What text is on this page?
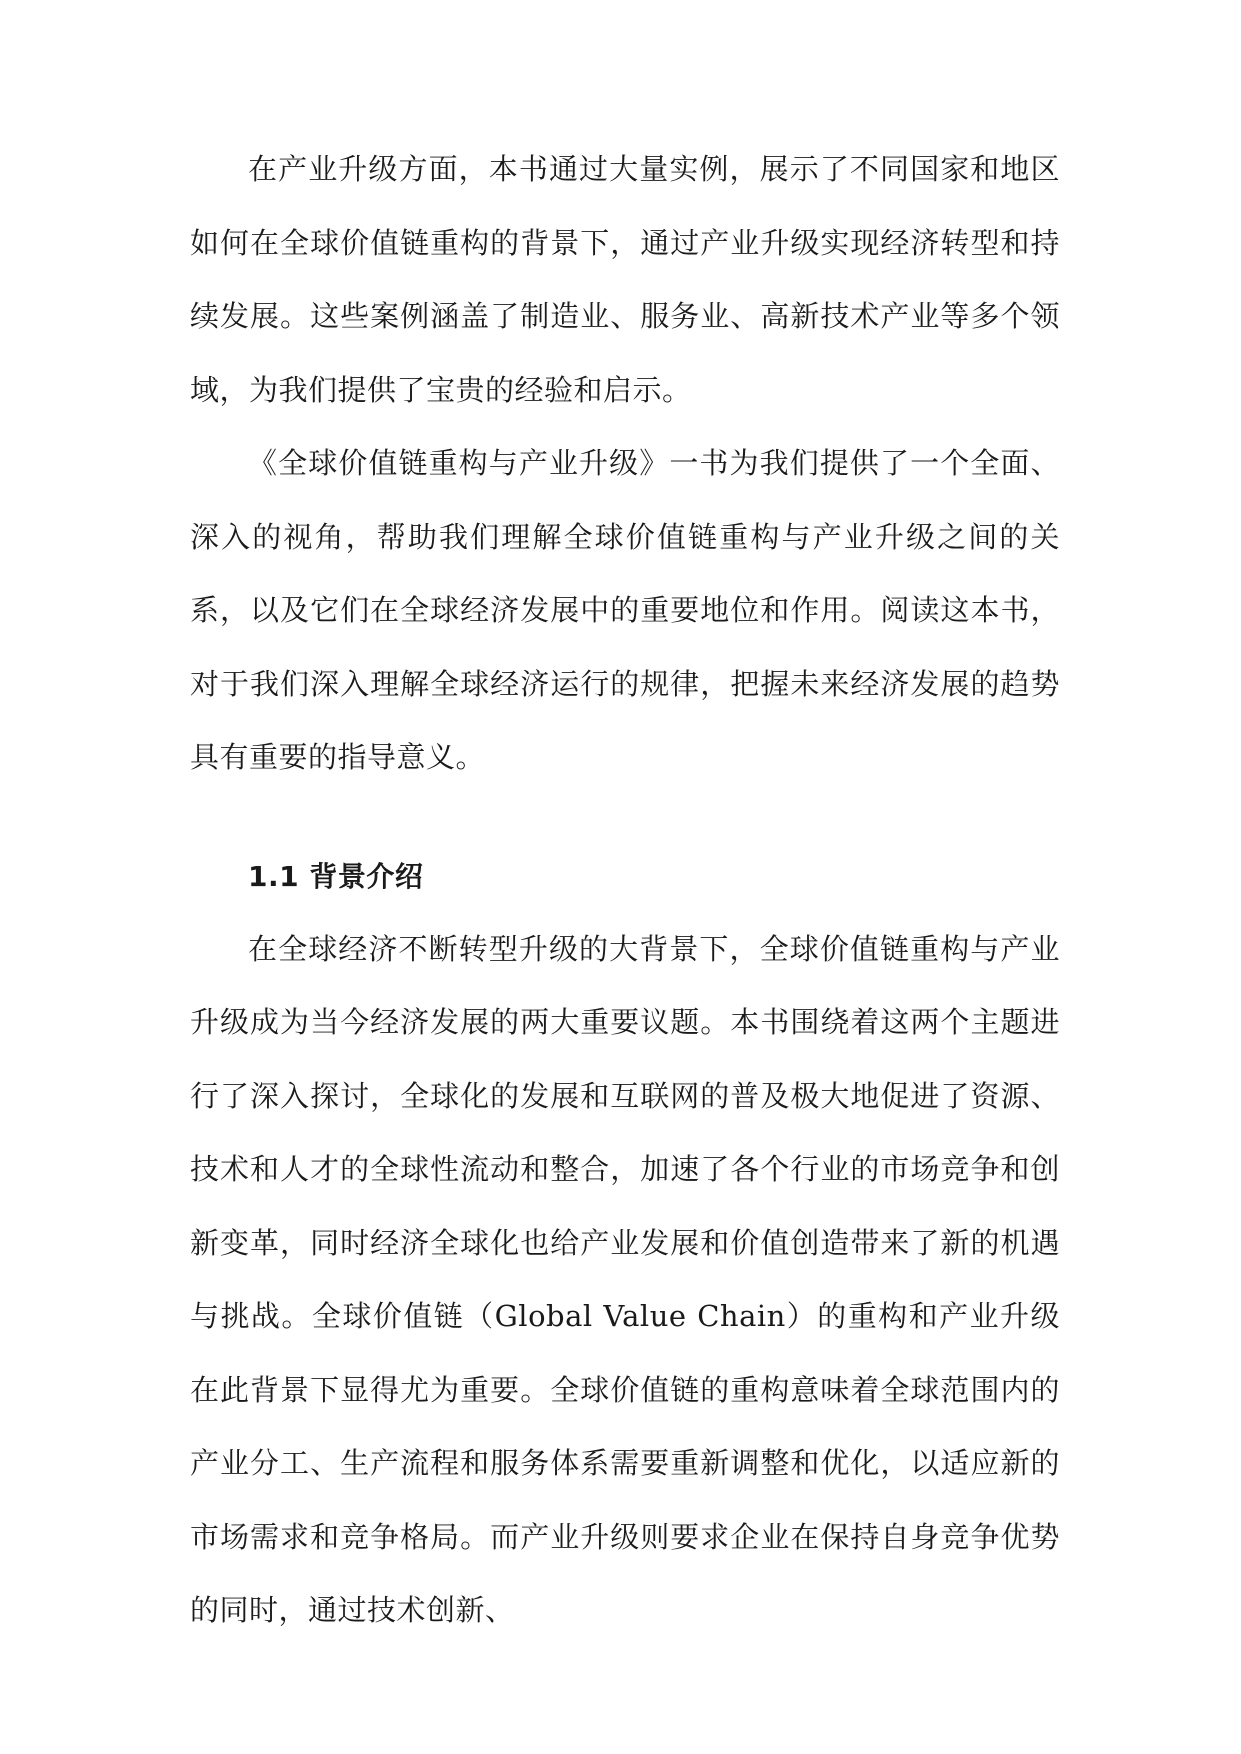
在产业升级方面，本书通过大量实例，展示了不同国家和地区如何在全球价值链重构的背景下，通过产业升级实现经济转型和持续发展。这些案例涵盖了制造业、服务业、高新技术产业等多个领域，为我们提供了宝贵的经验和启示。

《全球价值链重构与产业升级》一书为我们提供了一个全面、深入的视角，帮助我们理解全球价值链重构与产业升级之间的关系，以及它们在全球经济发展中的重要地位和作用。阅读这本书，对于我们深入理解全球经济运行的规律，把握未来经济发展的趋势具有重要的指导意义。

1.1 背景介绍

在全球经济不断转型升级的大背景下，全球价值链重构与产业升级成为当今经济发展的两大重要议题。本书围绕着这两个主题进行了深入探讨，全球化的发展和互联网的普及极大地促进了资源、技术和人才的全球性流动和整合，加速了各个行业的市场竞争和创新变革，同时经济全球化也给产业发展和价值创造带来了新的机遇与挑战。全球价值链（Global Value Chain）的重构和产业升级在此背景下显得尤为重要。全球价值链的重构意味着全球范围内的产业分工、生产流程和服务体系需要重新调整和优化，以适应新的市场需求和竞争格局。而产业升级则要求企业在保持自身竞争优势的同时，通过技术创新、
